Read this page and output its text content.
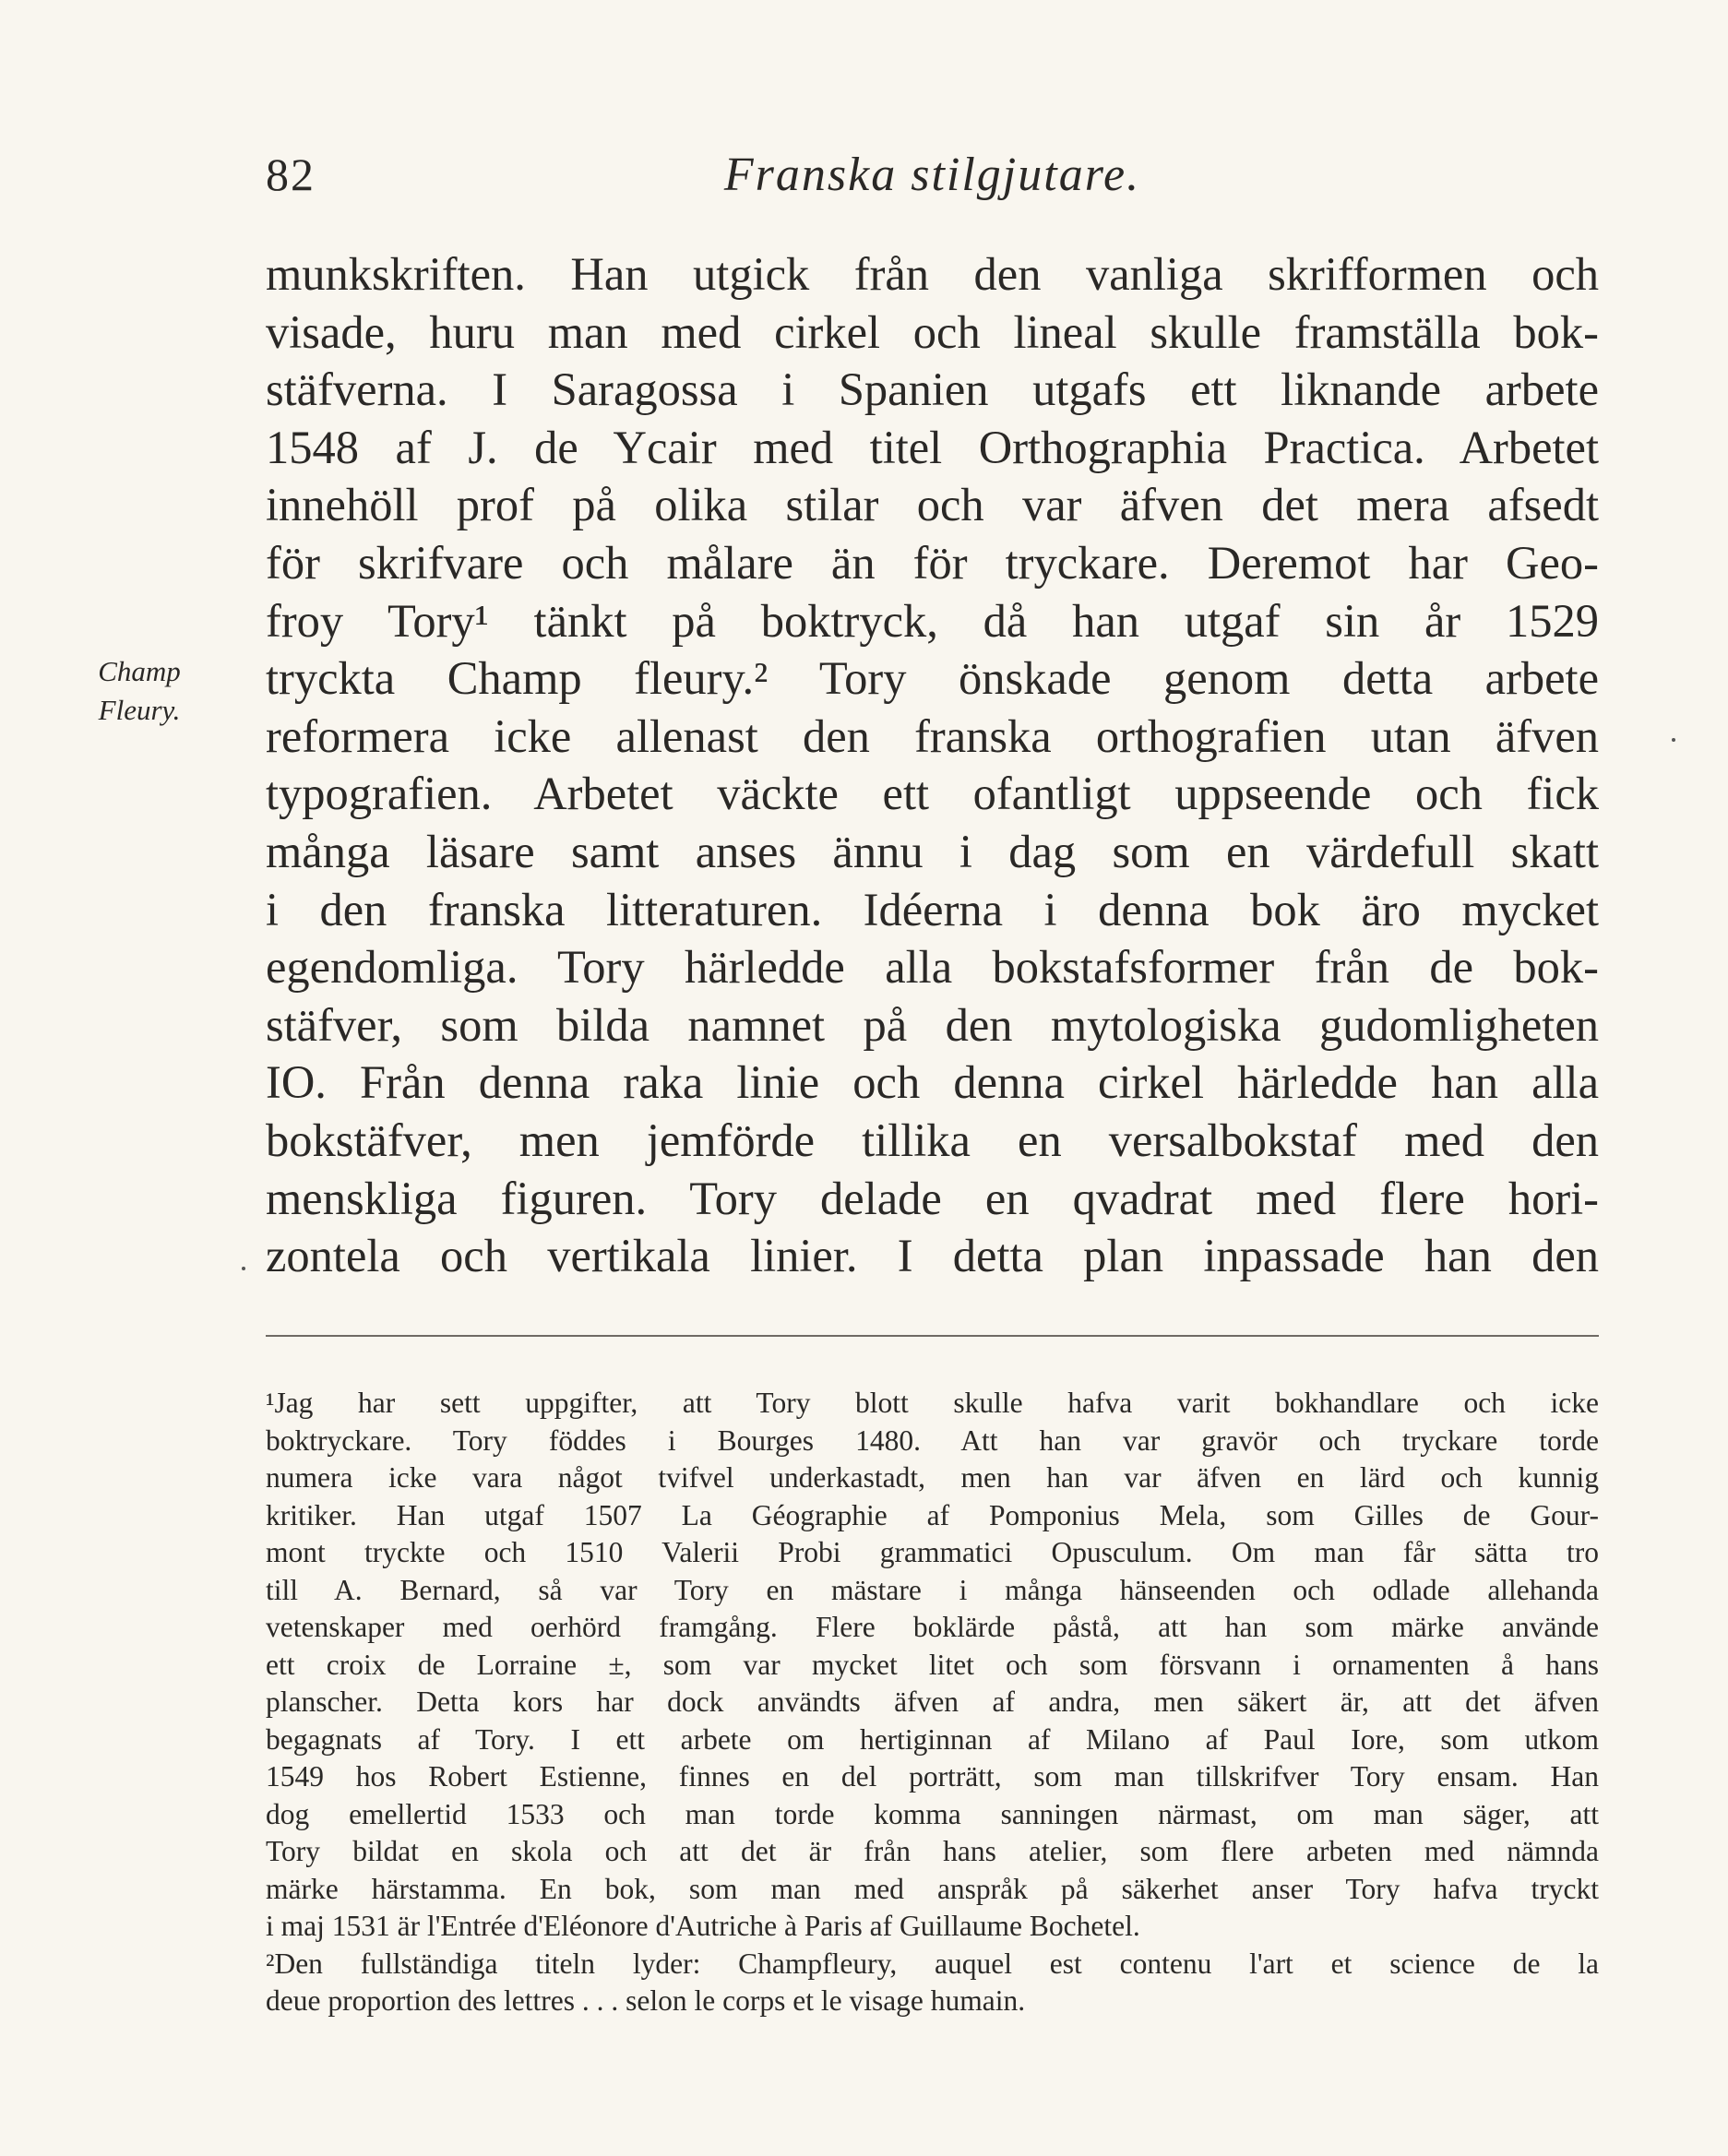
82	Franska stilgjutare.
Champ
Fleury.
munkskriften. Han utgick från den vanliga skrifformen och
visade, huru man med cirkel och lineal skulle framställa bok-
stäfverna. I Saragossa i Spanien utgafs ett liknande arbete
1548 af J. de Ycair med titel Orthographia Practica. Arbetet
innehöll prof på olika stilar och var äfven det mera afsedt
för skrifvare och målare än för tryckare. Deremot har Geo-
froy Tory¹ tänkt på boktryck, då han utgaf sin år 1529
tryckta Champ fleury.² Tory önskade genom detta arbete
reformera icke allenast den franska orthografien utan äfven
typografien. Arbetet väckte ett ofantligt uppseende och fick
många läsare samt anses ännu i dag som en värdefull skatt
i den franska litteraturen. Idéerna i denna bok äro mycket
egendomliga. Tory härledde alla bokstafsformer från de bok-
stäfver, som bilda namnet på den mytologiska gudomligheten
IO. Från denna raka linie och denna cirkel härledde han alla
bokstäfver, men jemförde tillika en versalbokstaf med den
menskliga figuren. Tory delade en qvadrat med flere hori-
zontela och vertikala linier. I detta plan inpassade han den
¹Jag har sett uppgifter, att Tory blott skulle hafva varit bokhandlare och icke
boktryckare. Tory föddes i Bourges 1480. Att han var gravör och tryckare torde
numera icke vara något tvifvel underkastadt, men han var äfven en lärd och kunnig
kritiker. Han utgaf 1507 La Géographie af Pomponius Mela, som Gilles de Gour-
mont tryckte och 1510 Valerii Probi grammatici Opusculum. Om man får sätta tro
till A. Bernard, så var Tory en mästare i många hänseenden och odlade allehanda
vetenskaper med oerhörd framgång. Flere boklärde påstå, att han som märke använde
ett croix de Lorraine ±, som var mycket litet och som försvann i ornamenten å hans
planscher. Detta kors har dock användts äfven af andra, men säkert är, att det äfven
begagnats af Tory. I ett arbete om hertiginnan af Milano af Paul Iore, som utkom
1549 hos Robert Estienne, finnes en del porträtt, som man tillskrifver Tory ensam. Han
dog emellertid 1533 och man torde komma sanningen närmast, om man säger, att
Tory bildat en skola och att det är från hans atelier, som flere arbeten med nämnda
märke härstamma. En bok, som man med anspråk på säkerhet anser Tory hafva tryckt
i maj 1531 är l'Entrée d'Eléonore d'Autriche à Paris af Guillaume Bochetel.
²Den fullständiga titeln lyder: Champfleury, auquel est contenu l'art et science de la
deue proportion des lettres . . . selon le corps et le visage humain.
